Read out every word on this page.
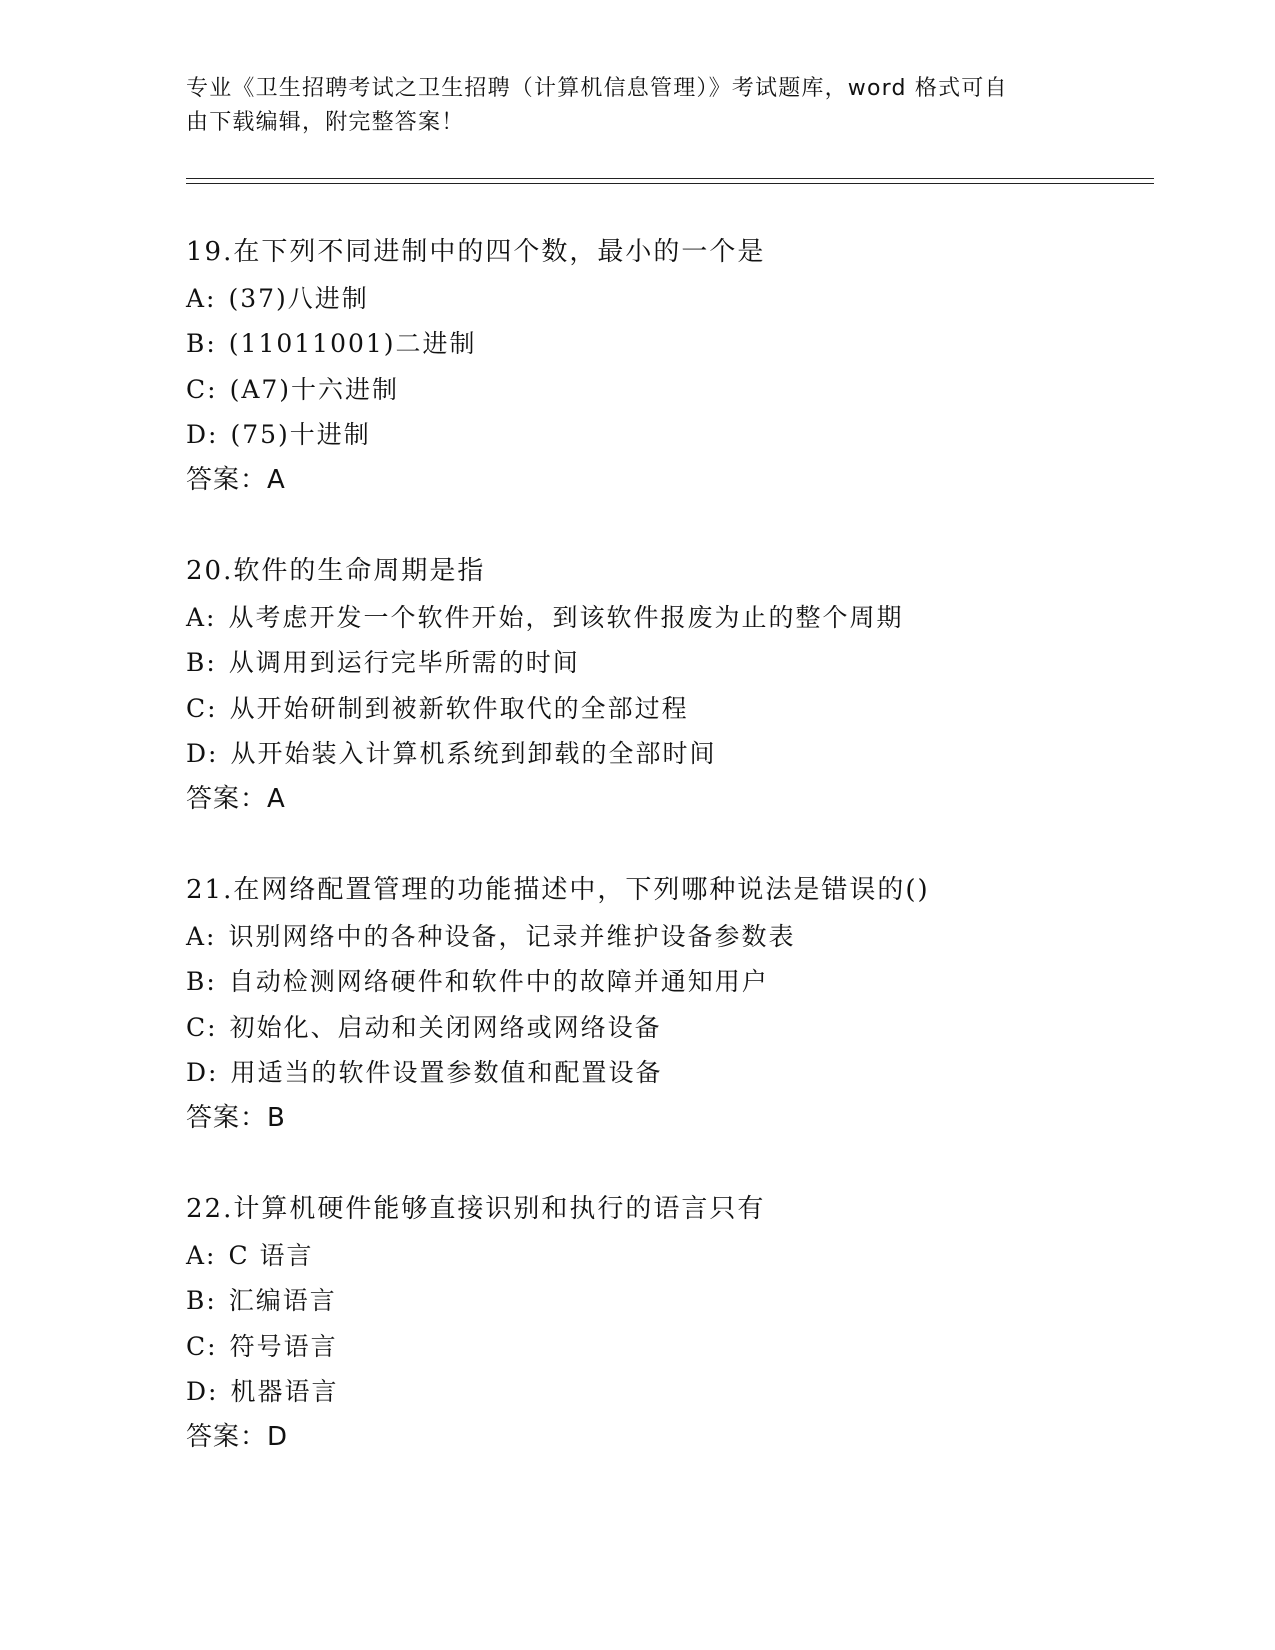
专业《卫生招聘考试之卫生招聘（计算机信息管理）》考试题库，word 格式可自
由下载编辑，附完整答案！
19.在下列不同进制中的四个数，最小的一个是
A: (37)八进制
B: (11011001)二进制
C: (A7)十六进制
D: (75)十进制
答案：A
20.软件的生命周期是指
A: 从考虑开发一个软件开始，到该软件报废为止的整个周期
B: 从调用到运行完毕所需的时间
C: 从开始研制到被新软件取代的全部过程
D: 从开始装入计算机系统到卸载的全部时间
答案：A
21.在网络配置管理的功能描述中，下列哪种说法是错误的()
A: 识别网络中的各种设备，记录并维护设备参数表
B: 自动检测网络硬件和软件中的故障并通知用户
C: 初始化、启动和关闭网络或网络设备
D: 用适当的软件设置参数值和配置设备
答案：B
22.计算机硬件能够直接识别和执行的语言只有
A: C 语言
B: 汇编语言
C: 符号语言
D: 机器语言
答案：D
